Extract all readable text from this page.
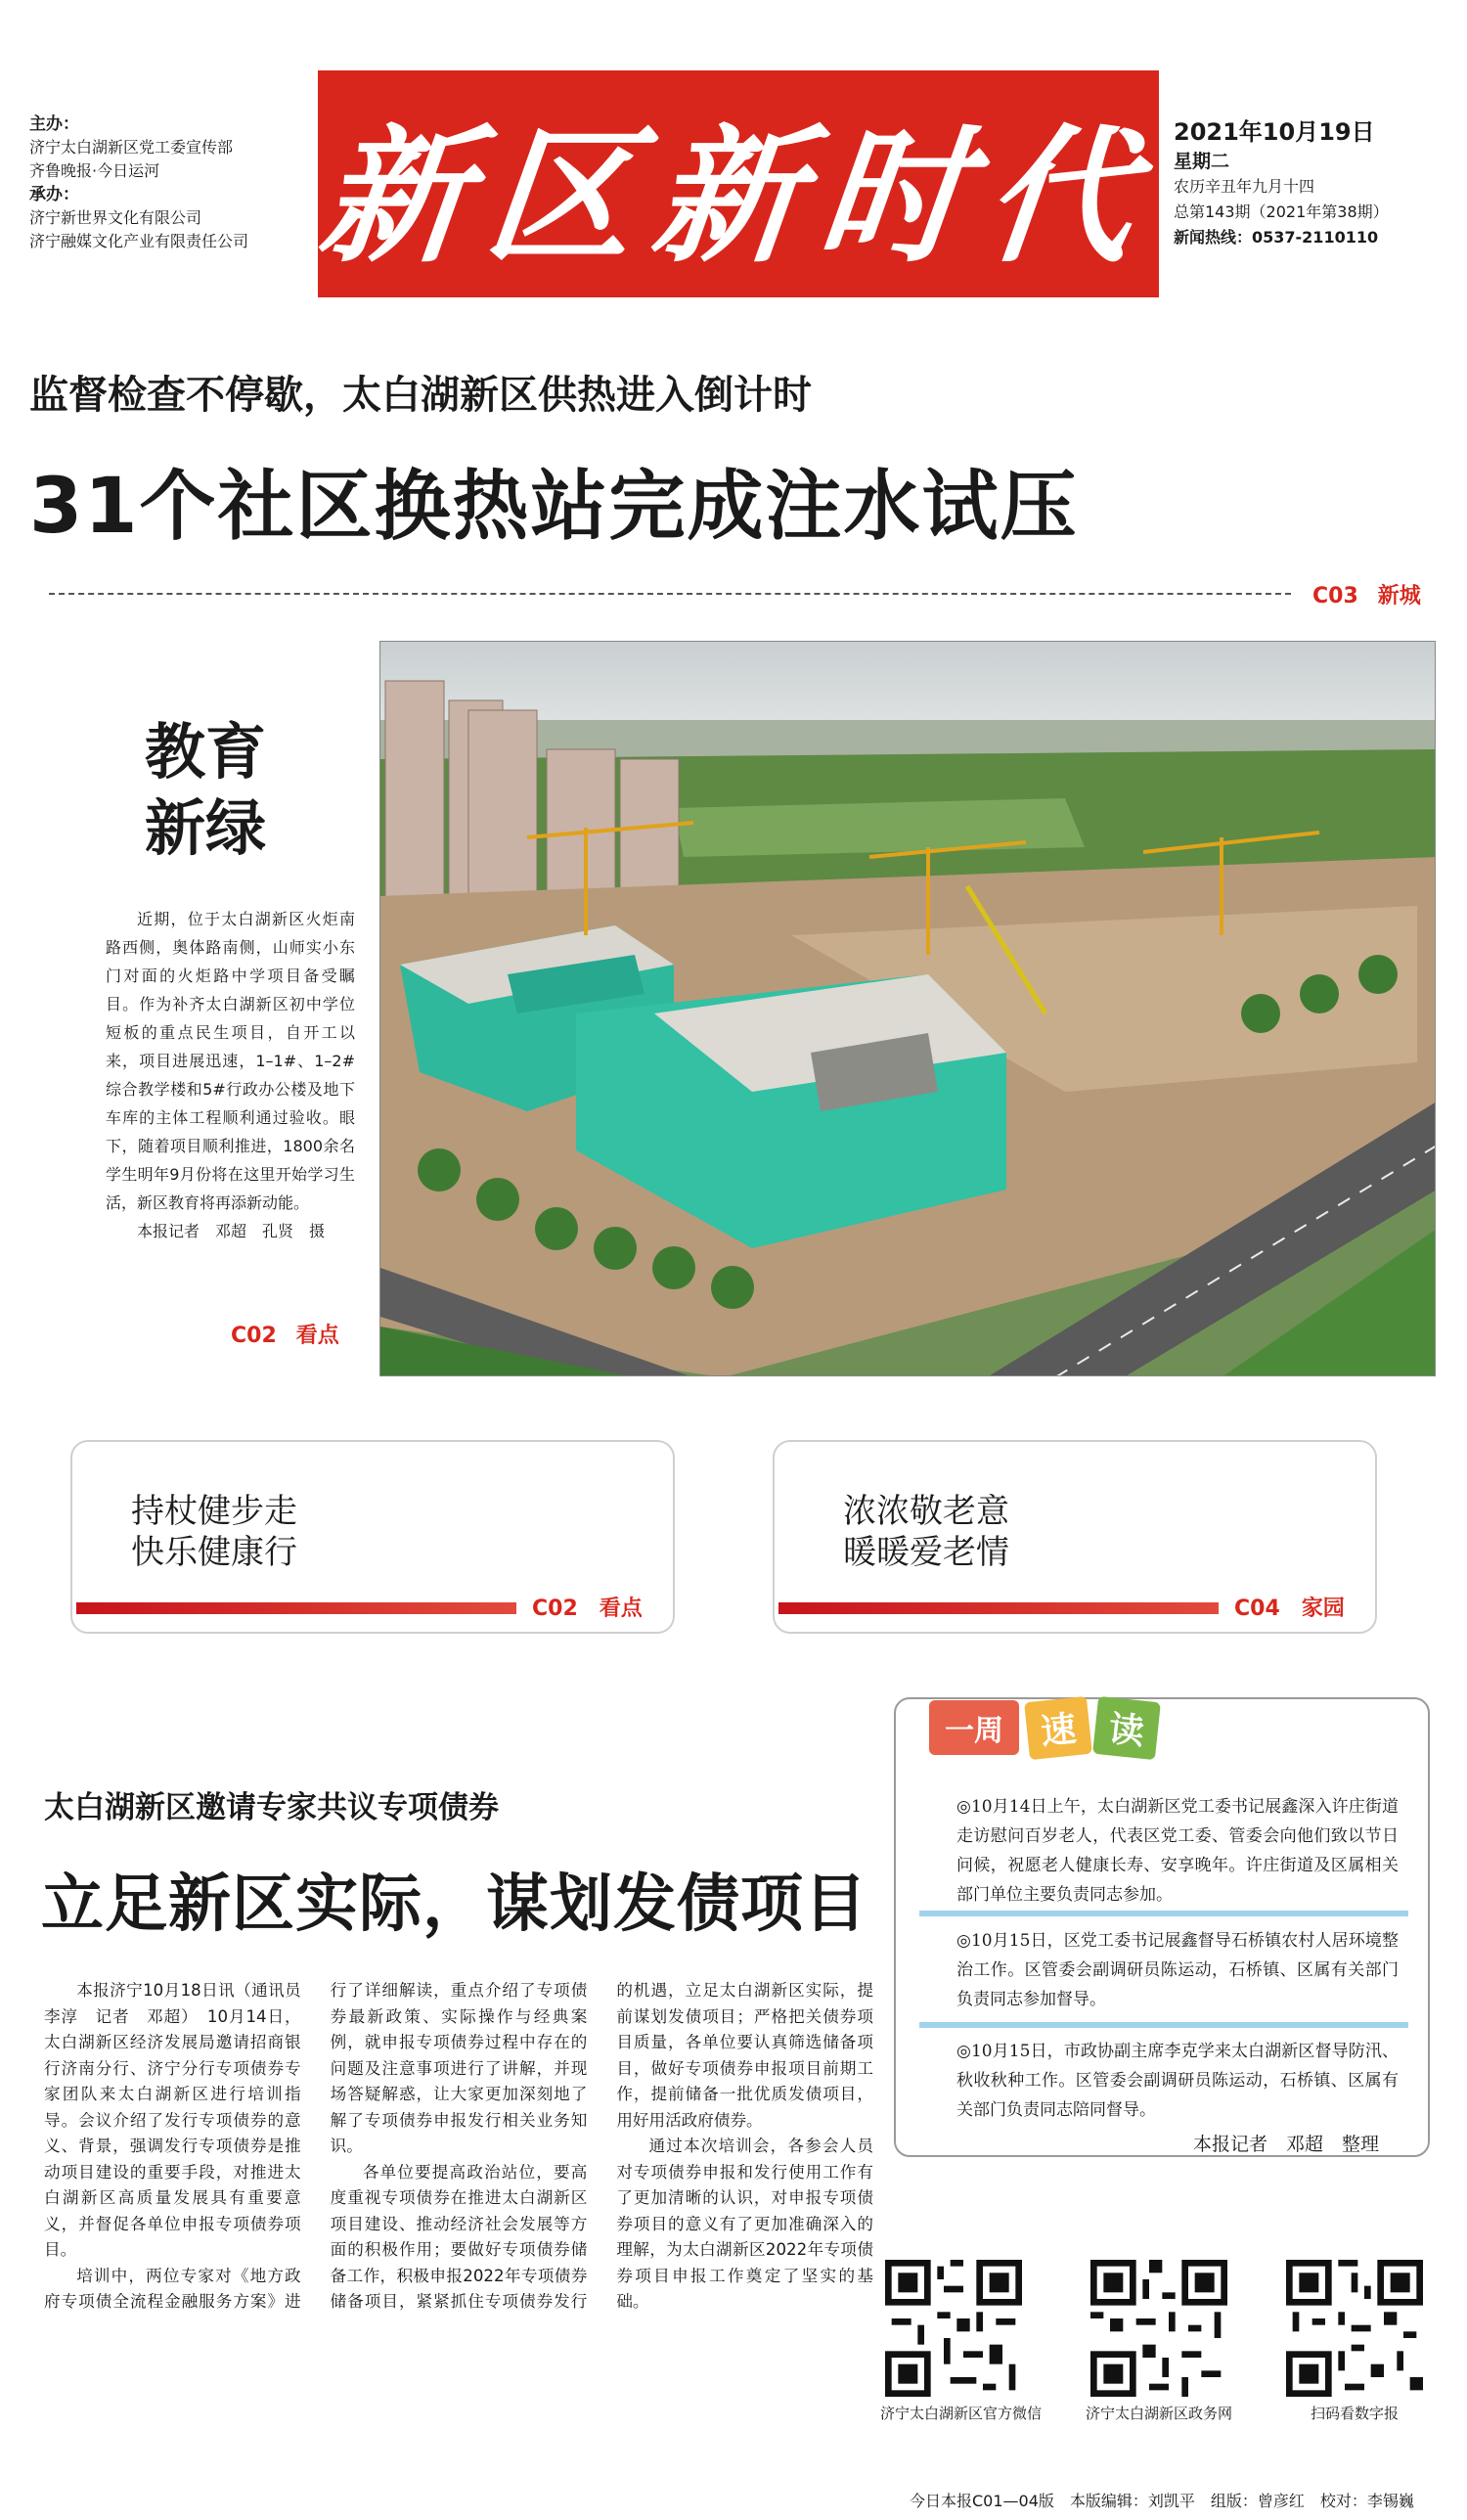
主办：
济宁太白湖新区党工委宣传部
齐鲁晚报·今日运河
承办：
济宁新世界文化有限公司
济宁融媒文化产业有限责任公司 新区新时代 2021年10月19日
星期二
农历辛丑年九月十四
总第143期（2021年第38期）
新闻热线：0537-2110110
监督检查不停歇，太白湖新区供热进入倒计时
31个社区换热站完成注水试压
C03 新城
教育
新绿
近期，位于太白湖新区火炬南路西侧，奥体路南侧，山师实小东门对面的火炬路中学项目备受瞩目。作为补齐太白湖新区初中学位短板的重点民生项目，自开工以来，项目进展迅速，1–1#、1–2#综合教学楼和5#行政办公楼及地下车库的主体工程顺利通过验收。眼下，随着项目顺利推进，1800余名学生明年9月份将在这里开始学习生活，新区教育将再添新动能。
本报记者　邓超　孔贤　摄
C02 看点
持杖健步走
快乐健康行
C02 看点
浓浓敬老意
暖暖爱老情
C04 家园
太白湖新区邀请专家共议专项债券
立足新区实际，谋划发债项目

本报济宁10月18日讯（通讯员　李淳　记者　邓超）　10月14日，太白湖新区经济发展局邀请招商银行济南分行、济宁分行专项债券专家团队来太白湖新区进行培训指导。会议介绍了发行专项债券的意义、背景，强调发行专项债券是推动项目建设的重要手段，对推进太白湖新区高质量发展具有重要意义，并督促各单位申报专项债券项目。

培训中，两位专家对《地方政府专项债全流程金融服务方案》进行了详细解读，重点介绍了专项债券最新政策、实际操作与经典案例，就申报专项债券过程中存在的问题及注意事项进行了讲解，并现场答疑解惑，让大家更加深刻地了解了专项债券申报发行相关业务知识。

各单位要提高政治站位，要高度重视专项债券在推进太白湖新区项目建设、推动经济社会发展等方面的积极作用；要做好专项债券储备工作，积极申报2022年专项债券储备项目，紧紧抓住专项债券发行的机遇，立足太白湖新区实际，提前谋划发债项目；严格把关债券项目质量，各单位要认真筛选储备项目，做好专项债券申报项目前期工作，提前储备一批优质发债项目，用好用活政府债券。

通过本次培训会，各参会人员对专项债券申报和发行使用工作有了更加清晰的认识，对申报专项债券项目的意义有了更加准确深入的理解，为太白湖新区2022年专项债券项目申报工作奠定了坚实的基础。

一周	速 读
◎10月14日上午，太白湖新区党工委书记展鑫深入许庄街道走访慰问百岁老人，代表区党工委、管委会向他们致以节日问候，祝愿老人健康长寿、安享晚年。许庄街道及区属相关部门单位主要负责同志参加。
◎10月15日，区党工委书记展鑫督导石桥镇农村人居环境整治工作。区管委会副调研员陈运动，石桥镇、区属有关部门负责同志参加督导。
◎10月15日，市政协副主席李克学来太白湖新区督导防汛、秋收秋种工作。区管委会副调研员陈运动，石桥镇、区属有关部门负责同志陪同督导。
本报记者　邓超　整理
济宁太白湖新区官方微信	济宁太白湖新区政务网	扫码看数字报
今日本报C01—04版　本版编辑：刘凯平　组版：曾彦红　校对：李锡巍
